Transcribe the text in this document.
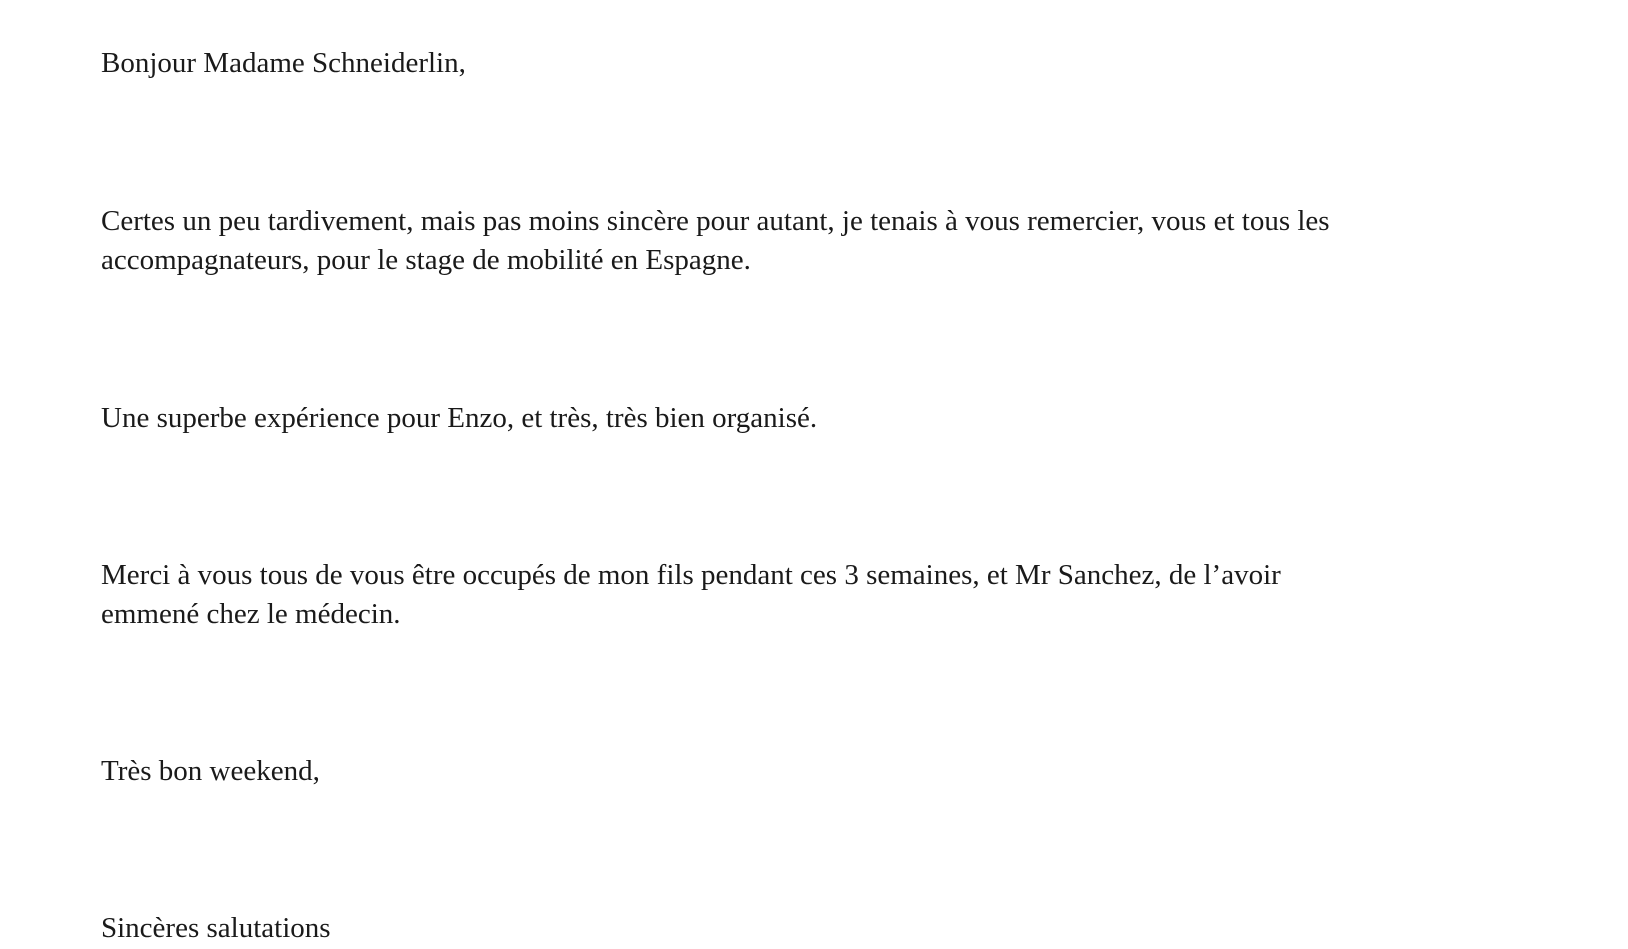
Bonjour Madame Schneiderlin,

Certes un peu tardivement, mais pas moins sincère pour autant, je tenais à vous remercier, vous et tous les
accompagnateurs, pour le stage de mobilité en Espagne.

Une superbe expérience pour Enzo, et très, très bien organisé.

Merci à vous tous de vous être occupés de mon fils pendant ces 3 semaines, et Mr Sanchez, de l’avoir
emmené chez le médecin.

Très bon weekend,

Sincères salutations
